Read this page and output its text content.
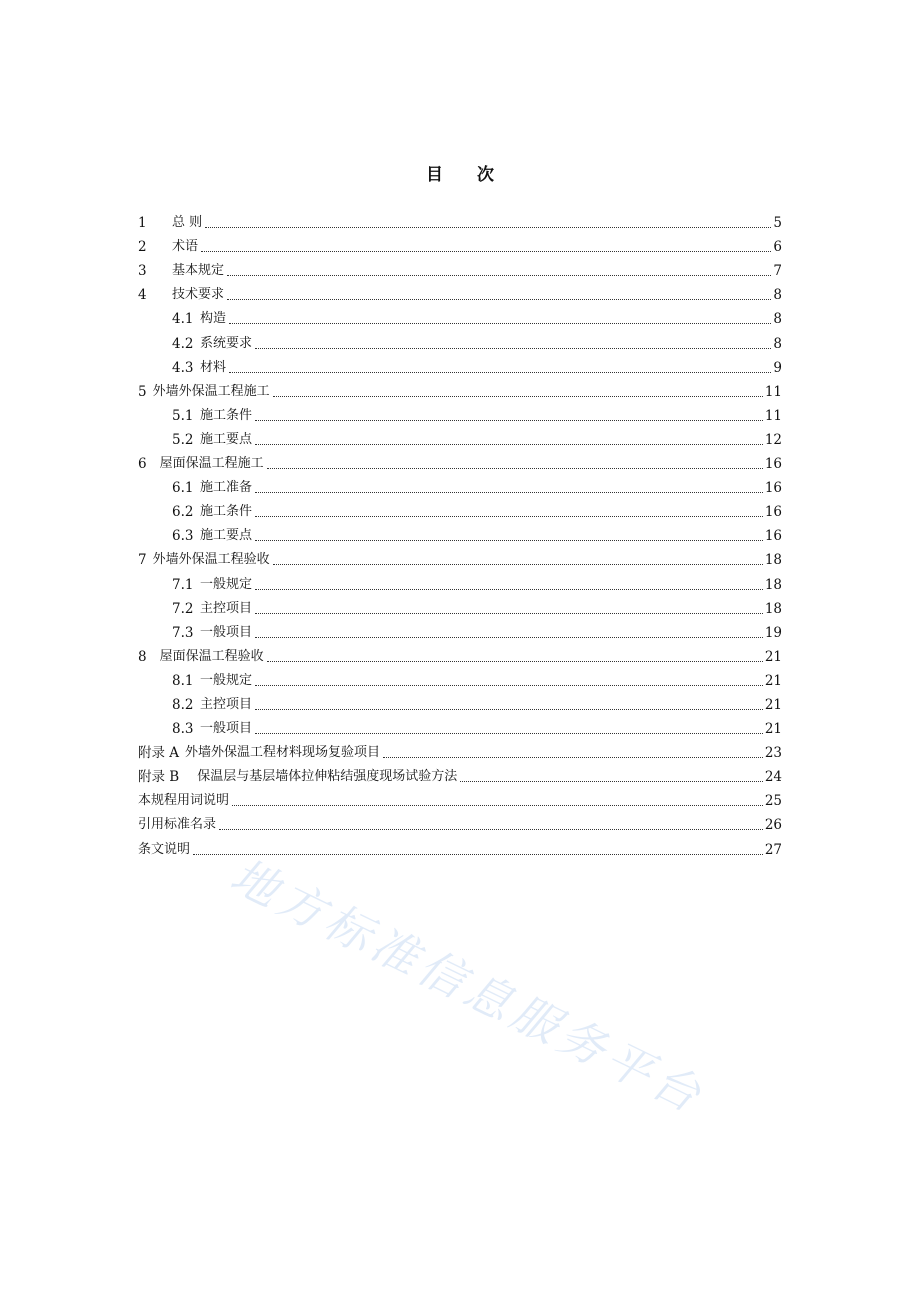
目 次
1	总 则	5
2	术语	6
3	基本规定	7
4	技术要求	8
4.1 构造	8
4.2 系统要求	8
4.3 材料	9
5 外墙外保温工程施工	11
5.1 施工条件	11
5.2 施工要点	12
6 屋面保温工程施工	16
6.1 施工准备	16
6.2 施工条件	16
6.3 施工要点	16
7 外墙外保温工程验收	18
7.1 一般规定	18
7.2 主控项目	18
7.3 一般项目	19
8 屋面保温工程验收	21
8.1 一般规定	21
8.2 主控项目	21
8.3 一般项目	21
附录 A 外墙外保温工程材料现场复验项目	23
附录 B 保温层与基层墙体拉伸粘结强度现场试验方法	24
本规程用词说明	25
引用标准名录	26
条文说明	27
地方标准信息服务平台
